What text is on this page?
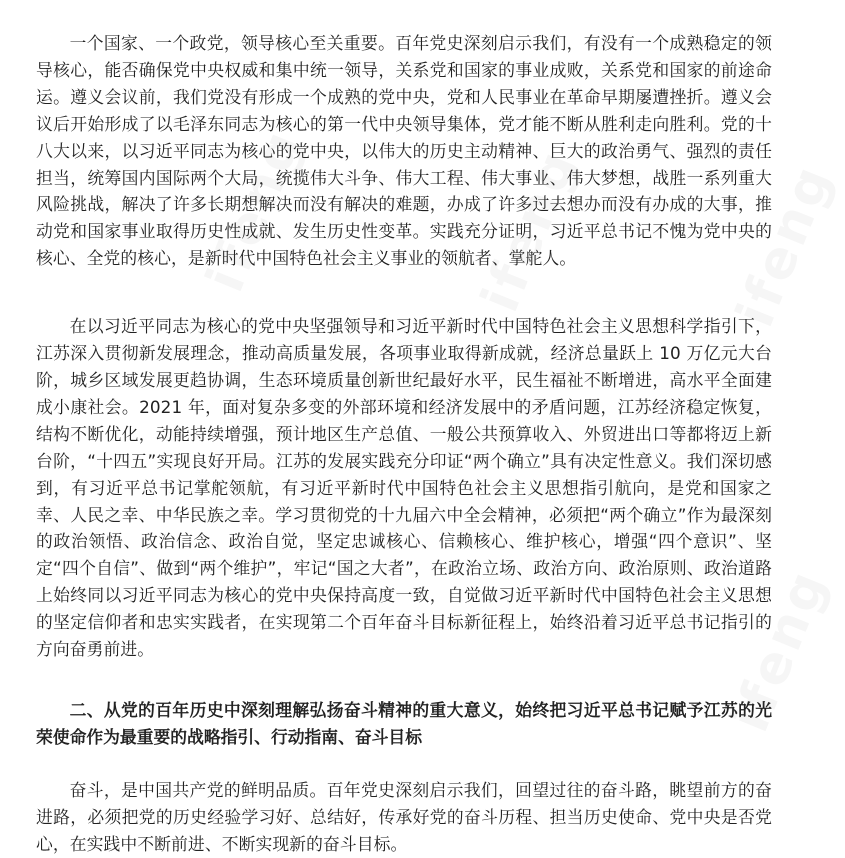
一个国家、一个政党，领导核心至关重要。百年党史深刻启示我们，有没有一个成熟稳定的领导核心，能否确保党中央权威和集中统一领导，关系党和国家的事业成败，关系党和国家的前途命运。遵义会议前，我们党没有形成一个成熟的党中央，党和人民事业在革命早期屡遭挫折。遵义会议后开始形成了以毛泽东同志为核心的第一代中央领导集体，党才能不断从胜利走向胜利。党的十八大以来，以习近平同志为核心的党中央，以伟大的历史主动精神、巨大的政治勇气、强烈的责任担当，统筹国内国际两个大局，统揽伟大斗争、伟大工程、伟大事业、伟大梦想，战胜一系列重大风险挑战，解决了许多长期想解决而没有解决的难题，办成了许多过去想办而没有办成的大事，推动党和国家事业取得历史性成就、发生历史性变革。实践充分证明，习近平总书记不愧为党中央的核心、全党的核心，是新时代中国特色社会主义事业的领航者、掌舵人。

在以习近平同志为核心的党中央坚强领导和习近平新时代中国特色社会主义思想科学指引下，江苏深入贯彻新发展理念，推动高质量发展，各项事业取得新成就，经济总量跃上 10 万亿元大台阶，城乡区域发展更趋协调，生态环境质量创新世纪最好水平，民生福祉不断增进，高水平全面建成小康社会。2021 年，面对复杂多变的外部环境和经济发展中的矛盾问题，江苏经济稳定恢复，结构不断优化，动能持续增强，预计地区生产总值、一般公共预算收入、外贸进出口等都将迈上新台阶，“十四五”实现良好开局。江苏的发展实践充分印证“两个确立”具有决定性意义。我们深切感到，有习近平总书记掌舵领航，有习近平新时代中国特色社会主义思想指引航向，是党和国家之幸、人民之幸、中华民族之幸。学习贯彻党的十九届六中全会精神，必须把“两个确立”作为最深刻的政治领悟、政治信念、政治自觉，坚定忠诚核心、信赖核心、维护核心，增强“四个意识”、坚定“四个自信”、做到“两个维护”，牢记“国之大者”，在政治立场、政治方向、政治原则、政治道路上始终同以习近平同志为核心的党中央保持高度一致，自觉做习近平新时代中国特色社会主义思想的坚定信仰者和忠实实践者，在实现第二个百年奋斗目标新征程上，始终沿着习近平总书记指引的方向奋勇前进。

二、从党的百年历史中深刻理解弘扬奋斗精神的重大意义，始终把习近平总书记赋予江苏的光荣使命作为最重要的战略指引、行动指南、奋斗目标

奋斗，是中国共产党的鲜明品质。百年党史深刻启示我们，回望过往的奋斗路，眺望前方的奋进路，必须把党的历史经验学习好、总结好，传承好党的奋斗历程、担当历史使命、党中央是否党心，在实践中不断前进、不断实现新的奋斗目标。

ifeng	ifeng	ifeng
ifeng
